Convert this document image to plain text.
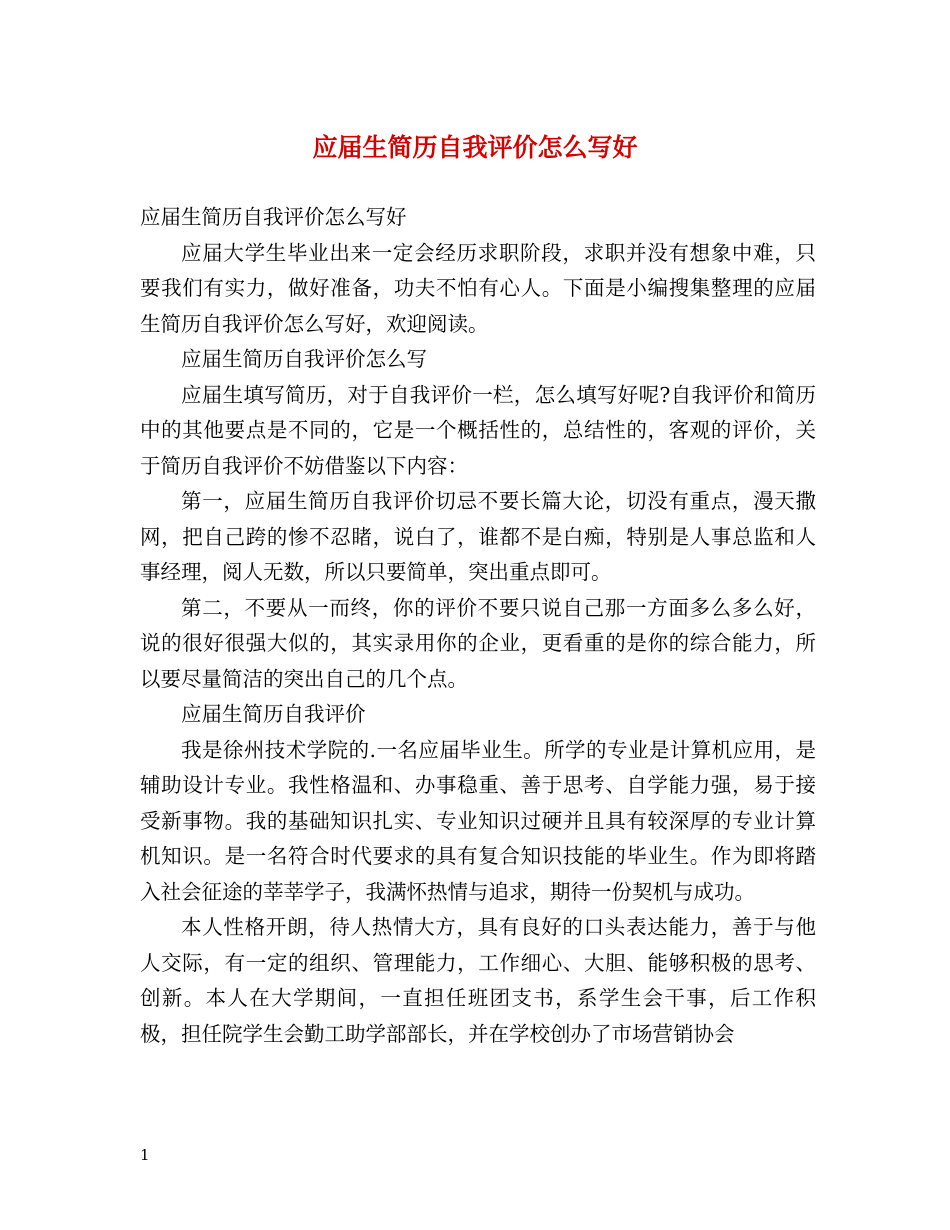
应届生简历自我评价怎么写好

应届生简历自我评价怎么写好

应届大学生毕业出来一定会经历求职阶段，求职并没有想象中难，只要我们有实力，做好准备，功夫不怕有心人。下面是小编搜集整理的应届生简历自我评价怎么写好，欢迎阅读。

应届生简历自我评价怎么写

应届生填写简历，对于自我评价一栏，怎么填写好呢?自我评价和简历中的其他要点是不同的，它是一个概括性的，总结性的，客观的评价，关于简历自我评价不妨借鉴以下内容：

第一，应届生简历自我评价切忌不要长篇大论，切没有重点，漫天撒网，把自己跨的惨不忍睹，说白了，谁都不是白痴，特别是人事总监和人事经理，阅人无数，所以只要简单，突出重点即可。

第二，不要从一而终，你的评价不要只说自己那一方面多么多么好，说的很好很强大似的，其实录用你的企业，更看重的是你的综合能力，所以要尽量简洁的突出自己的几个点。

应届生简历自我评价

我是徐州技术学院的.一名应届毕业生。所学的专业是计算机应用，是辅助设计专业。我性格温和、办事稳重、善于思考、自学能力强，易于接受新事物。我的基础知识扎实、专业知识过硬并且具有较深厚的专业计算机知识。是一名符合时代要求的具有复合知识技能的毕业生。作为即将踏入社会征途的莘莘学子，我满怀热情与追求，期待一份契机与成功。

本人性格开朗，待人热情大方，具有良好的口头表达能力，善于与他人交际，有一定的组织、管理能力，工作细心、大胆、能够积极的思考、创新。本人在大学期间，一直担任班团支书，系学生会干事，后工作积极，担任院学生会勤工助学部部长，并在学校创办了市场营销协会

1
